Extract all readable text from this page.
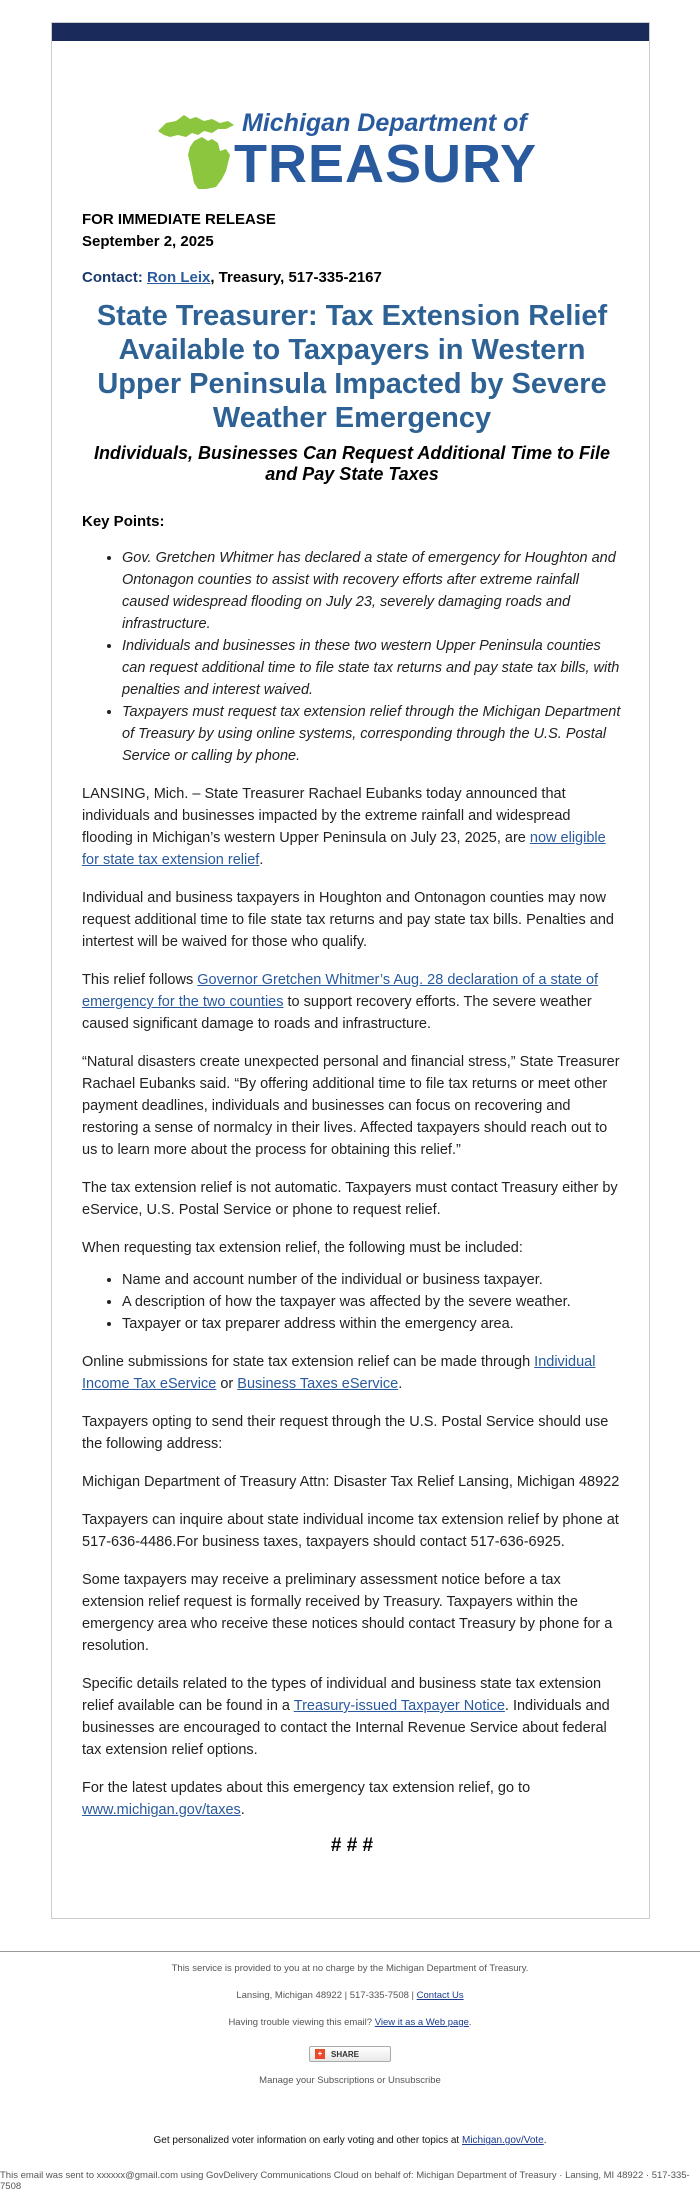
Michigan Department of
TREASURY
FOR IMMEDIATE RELEASE
September 2, 2025
Contact: Ron Leix, Treasury, 517-335-2167
State Treasurer: Tax Extension Relief Available to Taxpayers in Western Upper Peninsula Impacted by Severe Weather Emergency
Individuals, Businesses Can Request Additional Time to File and Pay State Taxes
Key Points:
• Gov. Gretchen Whitmer has declared a state of emergency for Houghton and Ontonagon counties to assist with recovery efforts after extreme rainfall caused widespread flooding on July 23, severely damaging roads and infrastructure.
• Individuals and businesses in these two western Upper Peninsula counties can request additional time to file state tax returns and pay state tax bills, with penalties and interest waived.
• Taxpayers must request tax extension relief through the Michigan Department of Treasury by using online systems, corresponding through the U.S. Postal Service or calling by phone.

LANSING, Mich. – State Treasurer Rachael Eubanks today announced that individuals and businesses impacted by the extreme rainfall and widespread flooding in Michigan’s western Upper Peninsula on July 23, 2025, are now eligible for state tax extension relief.

Individual and business taxpayers in Houghton and Ontonagon counties may now request additional time to file state tax returns and pay state tax bills. Penalties and intertest will be waived for those who qualify.

This relief follows Governor Gretchen Whitmer’s Aug. 28 declaration of a state of emergency for the two counties to support recovery efforts. The severe weather caused significant damage to roads and infrastructure.

“Natural disasters create unexpected personal and financial stress,” State Treasurer Rachael Eubanks said. “By offering additional time to file tax returns or meet other payment deadlines, individuals and businesses can focus on recovering and restoring a sense of normalcy in their lives. Affected taxpayers should reach out to us to learn more about the process for obtaining this relief.”

The tax extension relief is not automatic. Taxpayers must contact Treasury either by eService, U.S. Postal Service or phone to request relief.

When requesting tax extension relief, the following must be included:

• Name and account number of the individual or business taxpayer.
• A description of how the taxpayer was affected by the severe weather.
• Taxpayer or tax preparer address within the emergency area.

Online submissions for state tax extension relief can be made through Individual Income Tax eService or Business Taxes eService.

Taxpayers opting to send their request through the U.S. Postal Service should use the following address:

Michigan Department of Treasury Attn: Disaster Tax Relief Lansing, Michigan 48922

Taxpayers can inquire about state individual income tax extension relief by phone at 517-636-4486.For business taxes, taxpayers should contact 517-636-6925.

Some taxpayers may receive a preliminary assessment notice before a tax extension relief request is formally received by Treasury. Taxpayers within the emergency area who receive these notices should contact Treasury by phone for a resolution.

Specific details related to the types of individual and business state tax extension relief available can be found in a Treasury-issued Taxpayer Notice. Individuals and businesses are encouraged to contact the Internal Revenue Service about federal tax extension relief options.

For the latest updates about this emergency tax extension relief, go to www.michigan.gov/taxes.

# # #
This service is provided to you at no charge by the Michigan Department of Treasury.
Lansing, Michigan 48922 | 517-335-7508 | Contact Us
Having trouble viewing this email? View it as a Web page.
Manage your Subscriptions or Unsubscribe
+	SHARE
Get personalized voter information on early voting and other topics at Michigan.gov/Vote.
This email was sent to xxxxxx@gmail.com using GovDelivery Communications Cloud on behalf of: Michigan Department of Treasury · Lansing, MI 48922 · 517-335-7508
